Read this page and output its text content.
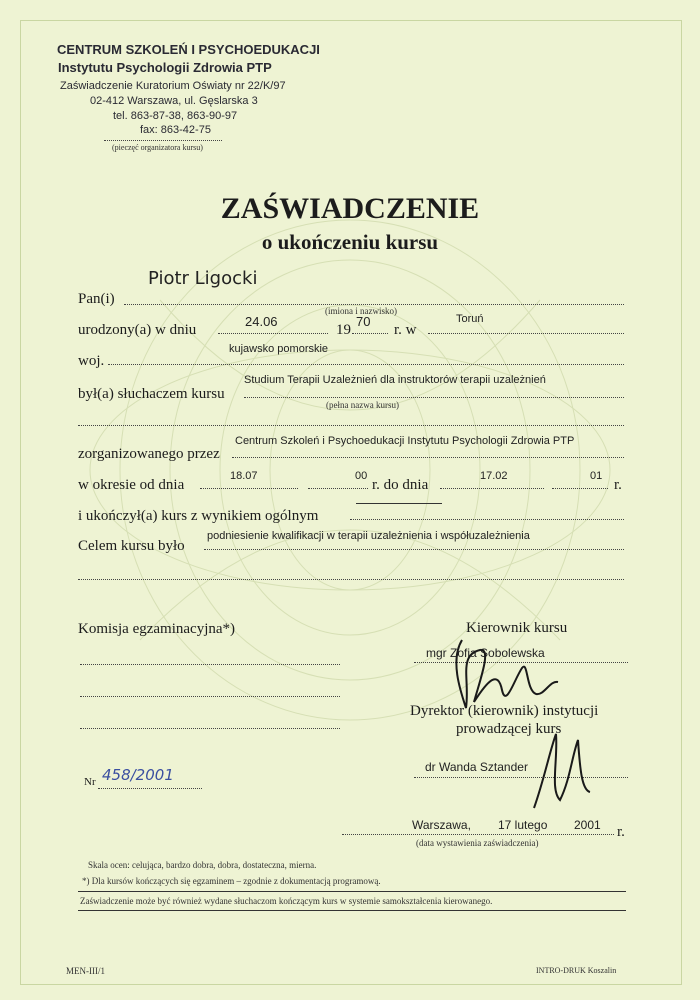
CENTRUM SZKOLEŃ I PSYCHOEDUKACJI
Instytutu Psychologii Zdrowia PTP
Zaświadczenie Kuratorium Oświaty nr 22/K/97
02-412 Warszawa, ul. Gęslarska 3
tel. 863-87-38, 863-90-97
fax: 863-42-75
(pieczęć organizatora kursu)
ZAŚWIADCZENIE
o ukończeniu kursu
Piotr Ligocki
Pan(i)
(imiona i nazwisko)
urodzony(a) w dniu
24.06
19
70
r. w
Toruń
kujawsko pomorskie
woj.
Studium Terapii Uzależnień dla instruktorów terapii uzależnień
był(a) słuchaczem kursu
(pełna nazwa kursu)
Centrum Szkoleń i Psychoedukacji Instytutu Psychologii Zdrowia PTP
zorganizowanego przez
w okresie od dnia
18.07	00
r. do dnia
17.02	01
r.
i ukończył(a) kurs z wynikiem ogólnym
podniesienie kwalifikacji w terapii uzależnienia i współuzależnienia
Celem kursu było
Komisja egzaminacyjna*)	Kierownik kursu
mgr Zofia Sobolewska
Dyrektor (kierownik) instytucji
prowadzącej kurs
dr Wanda Sztander
Nr 458/2001
Warszawa, 17 lutego 2001 r.
(data wystawienia zaświadczenia)
Skala ocen: celująca, bardzo dobra, dobra, dostateczna, mierna.
*) Dla kursów kończących się egzaminem – zgodnie z dokumentacją programową.
Zaświadczenie może być również wydane słuchaczom kończącym kurs w systemie samokształcenia kierowanego.
MEN-III/1	INTRO-DRUK Koszalin
